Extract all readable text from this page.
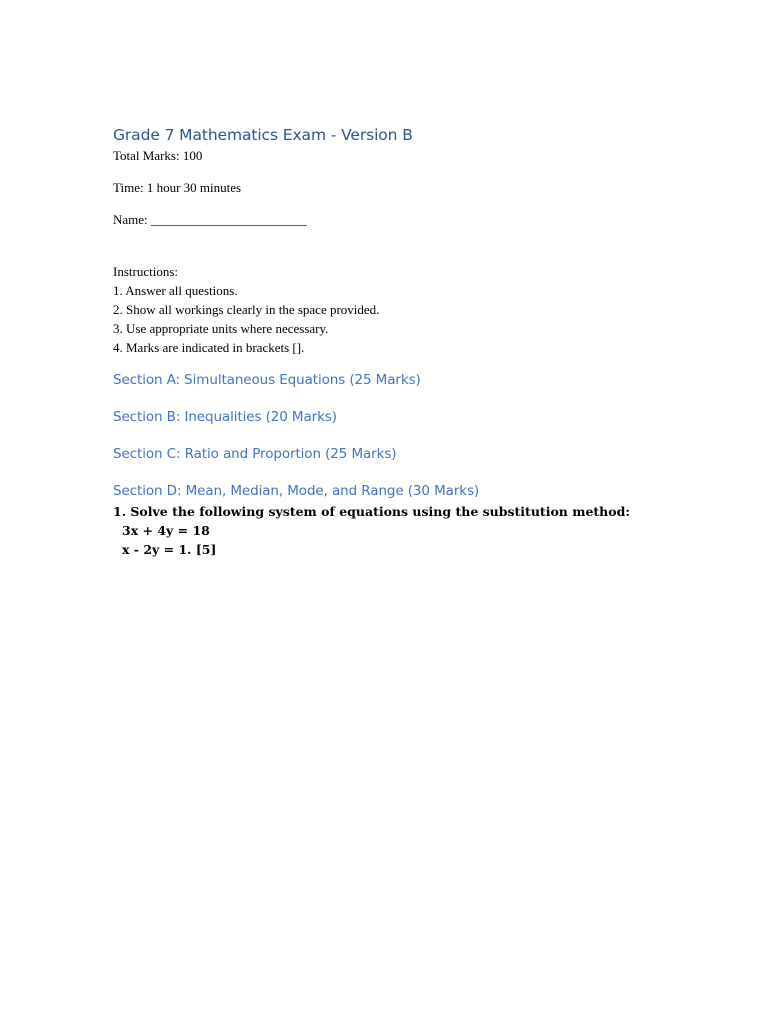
Grade 7 Mathematics Exam - Version B

Total Marks: 100

Time: 1 hour 30 minutes

Name: ________________________

Instructions:

1. Answer all questions.

2. Show all workings clearly in the space provided.

3. Use appropriate units where necessary.

4. Marks are indicated in brackets [].

Section A: Simultaneous Equations (25 Marks)
Section B: Inequalities (20 Marks)
Section C: Ratio and Proportion (25 Marks)
Section D: Mean, Median, Mode, and Range (30 Marks)
1. Solve the following system of equations using the substitution method:
3x + 4y = 18
x - 2y = 1. [5]
